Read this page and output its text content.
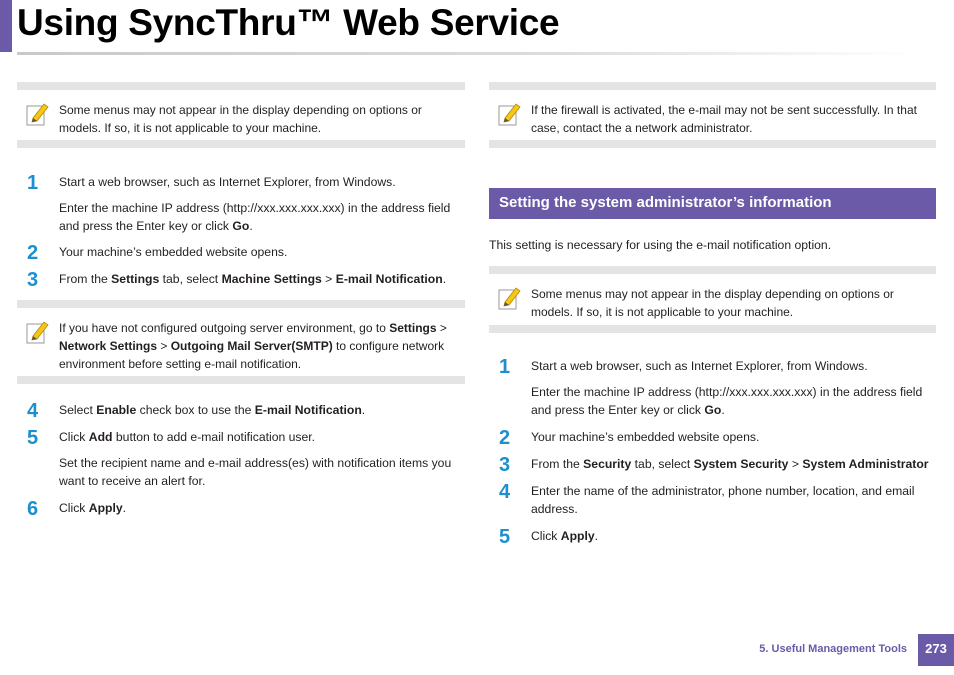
Using SyncThru™ Web Service
Some menus may not appear in the display depending on options or models. If so, it is not applicable to your machine.
1 Start a web browser, such as Internet Explorer, from Windows.

Enter the machine IP address (http://xxx.xxx.xxx.xxx) in the address field and press the Enter key or click Go.

2 Your machine’s embedded website opens.

3 From the Settings tab, select Machine Settings > E-mail Notification.

If you have not configured outgoing server environment, go to Settings > Network Settings > Outgoing Mail Server(SMTP) to configure network environment before setting e-mail notification.
4 Select Enable check box to use the E-mail Notification.

5 Click Add button to add e-mail notification user.

Set the recipient name and e-mail address(es) with notification items you want to receive an alert for.

6 Click Apply.

If the firewall is activated, the e-mail may not be sent successfully. In that case, contact the a network administrator.
Setting the system administrator’s information

This setting is necessary for using the e-mail notification option.

Some menus may not appear in the display depending on options or models. If so, it is not applicable to your machine.
1 Start a web browser, such as Internet Explorer, from Windows.

Enter the machine IP address (http://xxx.xxx.xxx.xxx) in the address field and press the Enter key or click Go.

2 Your machine’s embedded website opens.

3 From the Security tab, select System Security > System Administrator

4 Enter the name of the administrator, phone number, location, and email address.

5 Click Apply.

5. Useful Management Tools	273
